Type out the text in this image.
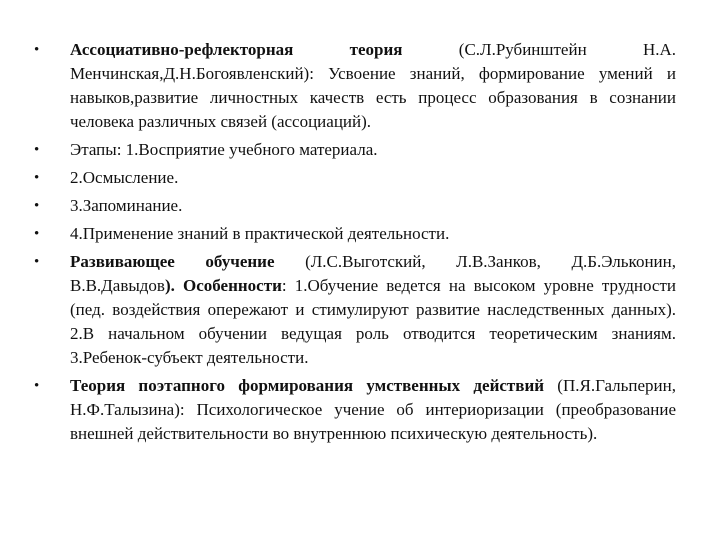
• Ассоциативно-рефлекторная теория (С.Л.Рубинштейн Н.А. Менчинская,Д.Н.Богоявленский): Усвоение знаний, формирование умений и навыков,развитие личностных качеств есть процесс образования в сознании человека различных связей (ассоциаций).
• Этапы: 1.Восприятие учебного материала.
• 2.Осмысление.
• 3.Запоминание.
• 4.Применение знаний в практической деятельности.
• Развивающее обучение (Л.С.Выготский, Л.В.Занков, Д.Б.Эльконин, В.В.Давыдов). Особенности: 1.Обучение ведется на высоком уровне трудности (пед. воздействия опережают и стимулируют развитие наследственных данных). 2.В начальном обучении ведущая роль отводится теоретическим знаниям. 3.Ребенок-субъект деятельности.
• Теория поэтапного формирования умственных действий (П.Я.Гальперин, Н.Ф.Талызина): Психологическое учение об интериоризации (преобразование внешней действительности во внутреннюю психическую деятельность).
